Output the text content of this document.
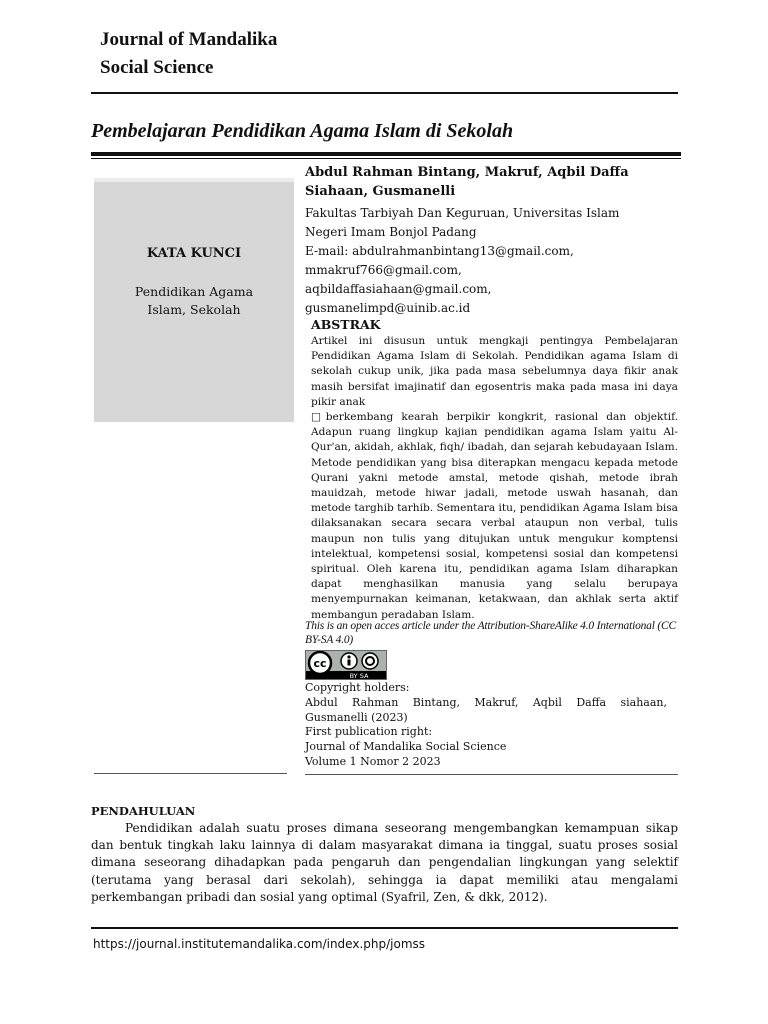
Journal of Mandalika
Social Science
Pembelajaran Pendidikan Agama Islam di Sekolah
KATA KUNCI
Pendidikan Agama Islam, Sekolah
Abdul Rahman Bintang, Makruf, Aqbil Daffa Siahaan, Gusmanelli
Fakultas Tarbiyah Dan Keguruan, Universitas Islam Negeri Imam Bonjol Padang
E-mail: abdulrahmanbintang13@gmail.com, mmakruf766@gmail.com, aqbildaffasiahaan@gmail.com, gusmanelimpd@uinib.ac.id
ABSTRAK

Artikel ini disusun untuk mengkaji pentingya Pembelajaran Pendidikan Agama Islam di Sekolah. Pendidikan agama Islam di sekolah cukup unik, jika pada masa sebelumnya daya fikir anak masih bersifat imajinatif dan egosentris maka pada masa ini daya pikir anak

□berkembang kearah berpikir kongkrit, rasional dan objektif. Adapun ruang lingkup kajian pendidikan agama Islam yaitu Al-Qur'an, akidah, akhlak, fiqh/ ibadah, dan sejarah kebudayaan Islam. Metode pendidikan yang bisa diterapkan mengacu kepada metode Qurani yakni metode amstal, metode qishah, metode ibrah mauidzah, metode hiwar jadali, metode uswah hasanah, dan metode targhib tarhib. Sementara itu, pendidikan Agama Islam bisa dilaksanakan secara secara verbal ataupun non verbal, tulis maupun non tulis yang ditujukan untuk mengukur komptensi intelektual, kompetensi sosial, kompetensi sosial dan kompetensi spiritual. Oleh karena itu, pendidikan agama Islam diharapkan dapat menghasilkan manusia yang selalu berupaya menyempurnakan keimanan, ketakwaan, dan akhlak serta aktif membangun peradaban Islam.

This is an open acces article under the Attribution-ShareAlike 4.0 International (CC BY-SA 4.0)
cc
BY SA
Copyright holders:
Abdul Rahman Bintang, Makruf, Aqbil Daffa siahaan, Gusmanelli (2023)
First publication right:
Journal of Mandalika Social Science
Volume 1 Nomor 2 2023
PENDAHULUAN
Pendidikan adalah suatu proses dimana seseorang mengembangkan kemampuan sikap dan bentuk tingkah laku lainnya di dalam masyarakat dimana ia tinggal, suatu proses sosial dimana seseorang dihadapkan pada pengaruh dan pengendalian lingkungan yang selektif (terutama yang berasal dari sekolah), sehingga ia dapat memiliki atau mengalami perkembangan pribadi dan sosial yang optimal (Syafril, Zen, & dkk, 2012).
https://journal.institutemandalika.com/index.php/jomss
